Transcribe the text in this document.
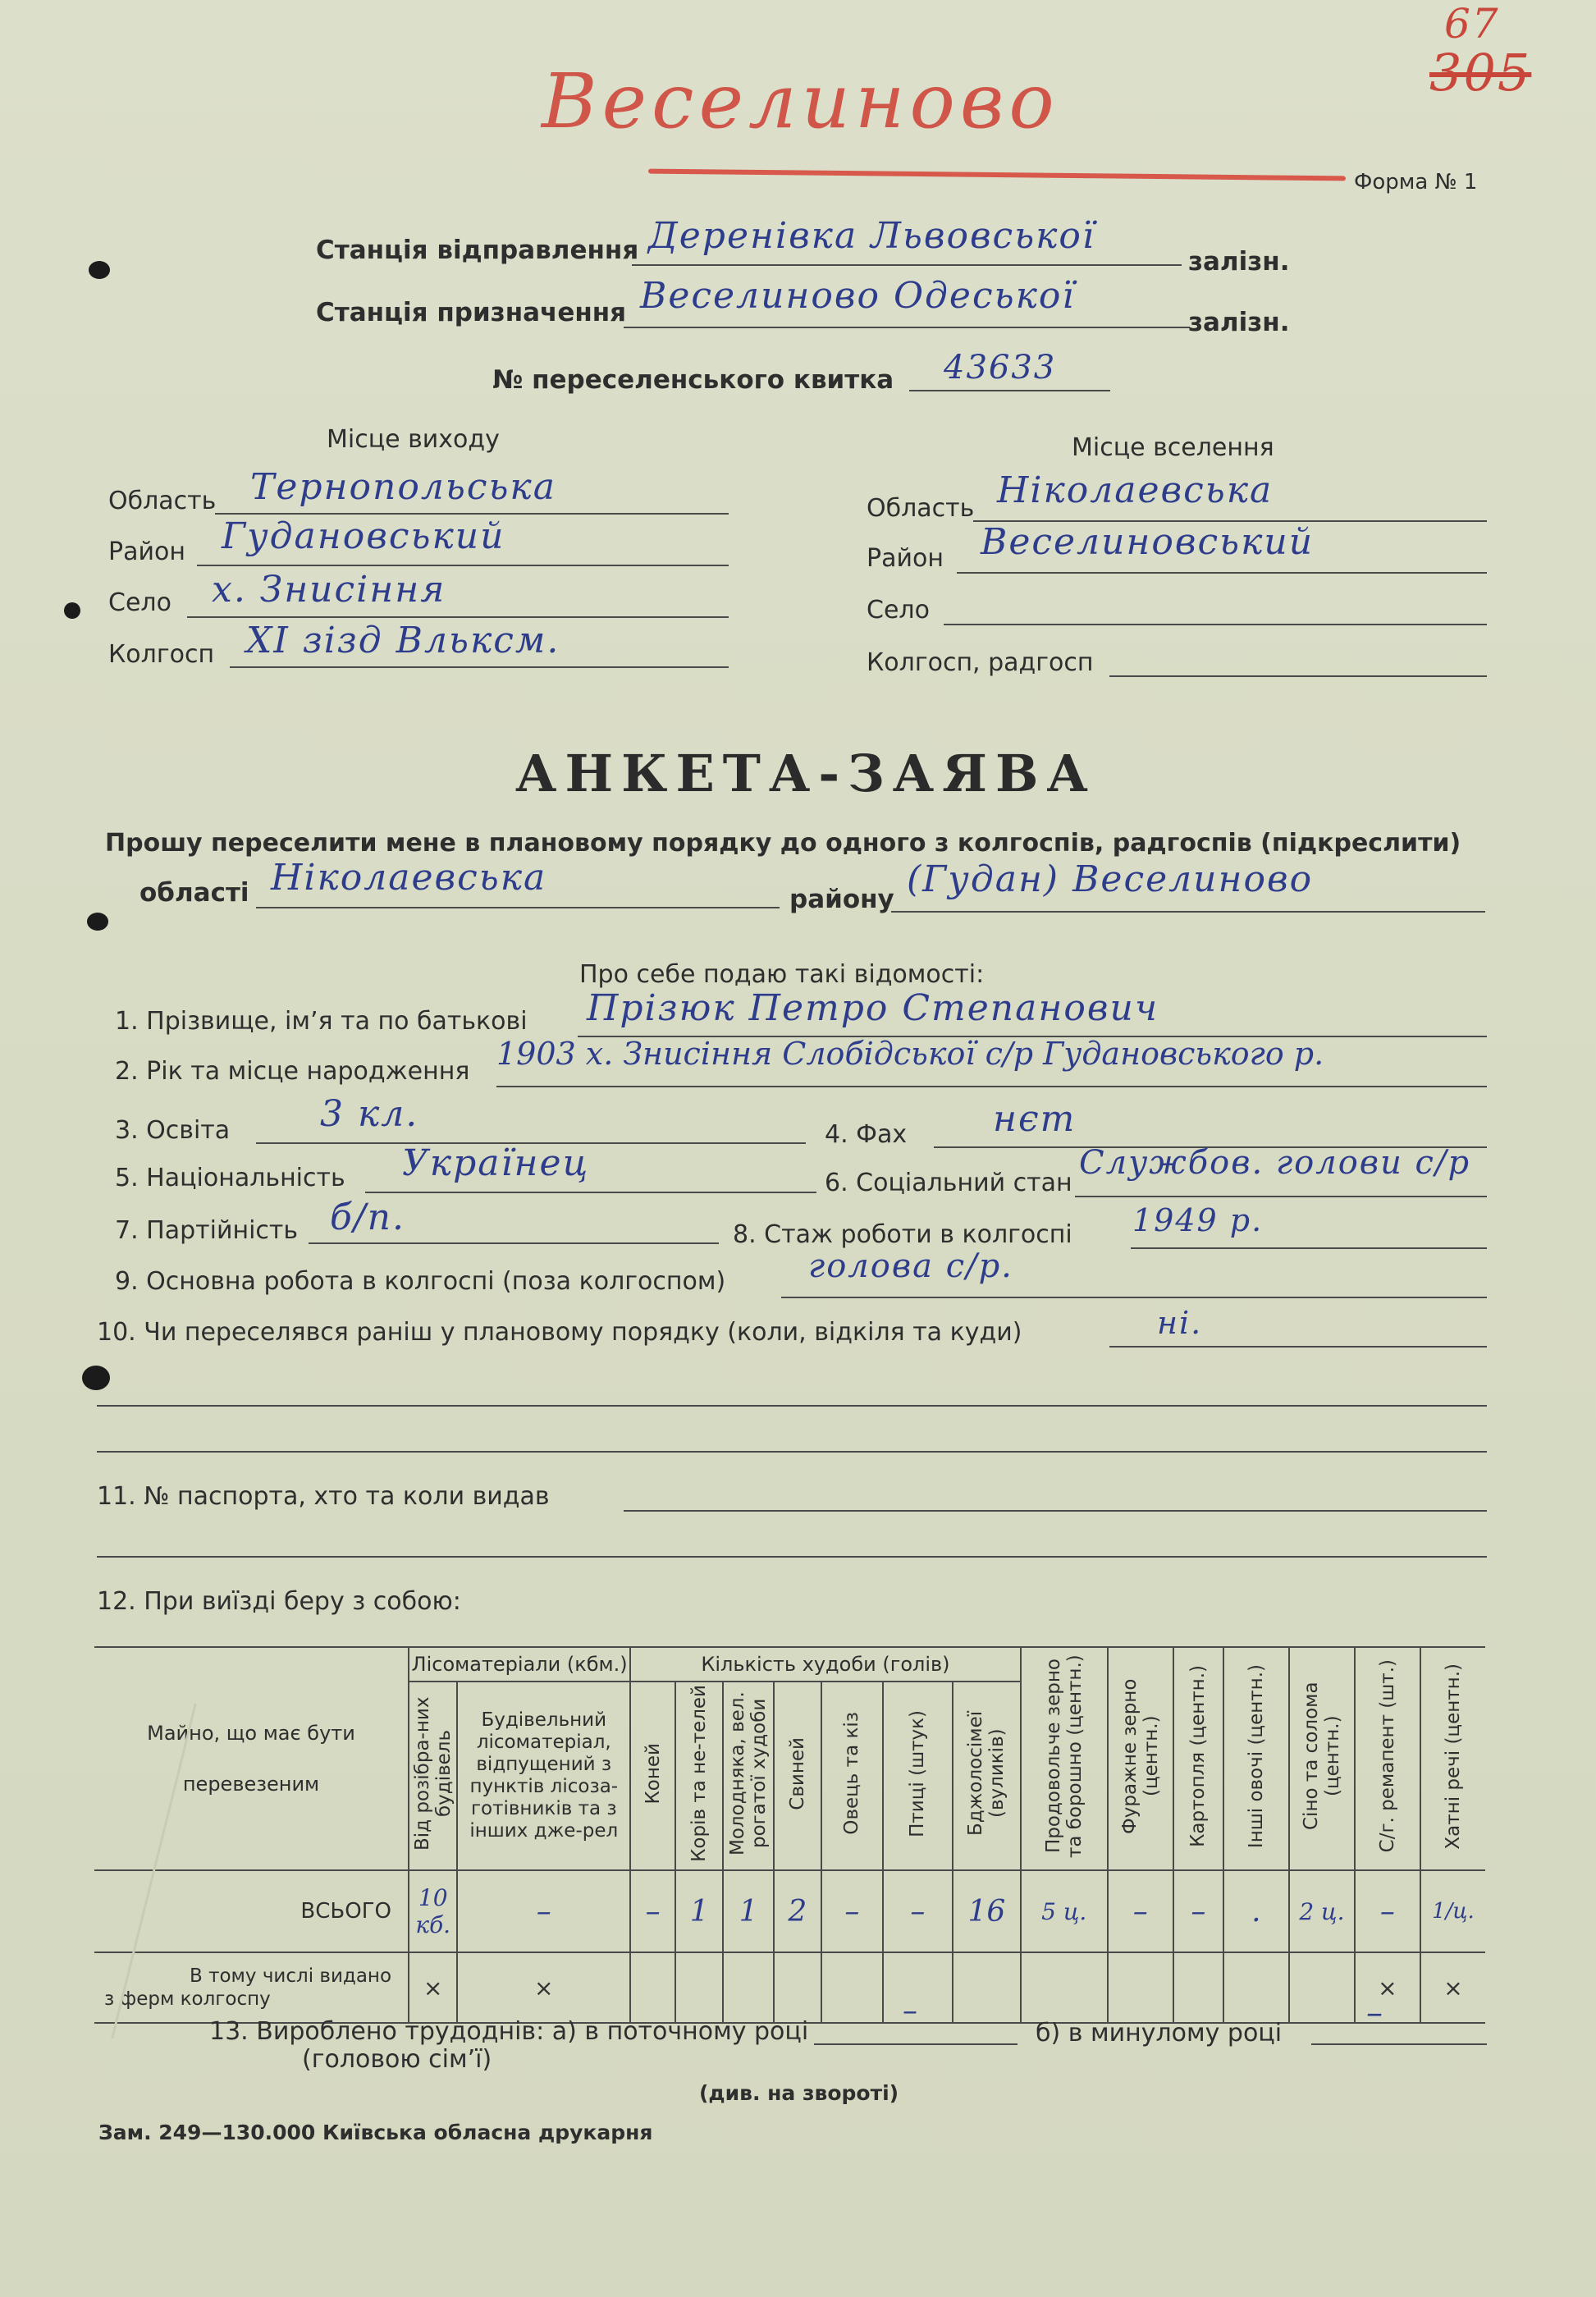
67
305
Веселиново
Форма № 1
Станція відправлення Деренівка Львовської
залізн.
Станція призначення Веселиново Одеської
залізн.
№ переселенського квитка 43633
Місце виходу
Область Тернопольська
Район Гудановський
Село х. Знисіння
Колгосп XI зізд Вльксм.
Місце вселення
Область Ніколаевська
Район Веселиновський
Село
Колгосп, радгосп
АНКЕТА-ЗАЯВА
Прошу переселити мене в плановому порядку до одного з колгоспів, радгоспів (підкреслити)
області Ніколаевська
району (Гудан) Веселиново
Про себе подаю такі відомості:
1. Прізвище, ім’я та по батькові Прізюк Петро Степанович
2. Рік та місце народження 1903 х. Знисіння Слобідської с/р Гудановського р.
3. Освіта 3 кл.	4. Фах нєт
5. Національність Українец	6. Соціальний стан
Службов. голови с/р
7. Партійність б/п.	8. Стаж роботи в колгоспі 1949 р.
9. Основна робота в колгоспі (поза колгоспом)	голова с/р.
10. Чи переселявся раніш у плановому порядку (коли, відкіля та куди)	ні.
11. № паспорта, хто та коли видав
12. При виїзді беру з собою:
Майно, що має бути
перевезеним	Лісоматеріали (кбм.)		Кількість худоби (голів)							Продовольче зерно та борошно (центн.)	Фуражне зерно (центн.)	Картопля (центн.)	Інші овочі (центн.)	Сіно та солома (центн.)	С/г. ремапент (шт.)	Хатні речі (центн.)
	Від розібра-них будівель	Будівельний лісоматеріал, відпущений з пунктів лісоза-готівників та з інших дже-рел	Коней	Корів та не-телей	Молодняка, вел. рогатої худоби	Свиней	Овець та кіз	Птиці (штук)	Бджолосімеї (вуликів)							
ВСЬОГО	10 кб.	–	–	1	1	2	–	–	16	5 ц.	–	–	.	2 ц.	–	1/ц.

В тому числі видано
з ферм колгоспу	×	×													×	×
13. Вироблено трудоднів: а) в поточному році
(головою сім’ї)
–
б) в минулому році
–
(див. на звороті)
Зам. 249—130.000 Київська обласна друкарня
